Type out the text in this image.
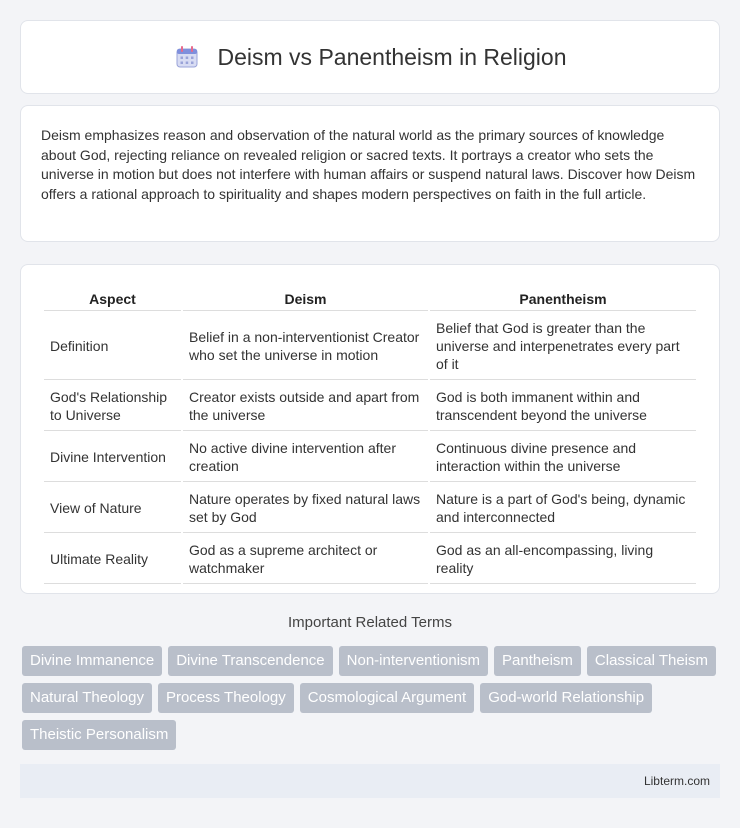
Deism vs Panentheism in Religion

Deism emphasizes reason and observation of the natural world as the primary sources of knowledge about God, rejecting reliance on revealed religion or sacred texts. It portrays a creator who sets the universe in motion but does not interfere with human affairs or suspend natural laws. Discover how Deism offers a rational approach to spirituality and shapes modern perspectives on faith in the full article.

Aspect	Deism	Panentheism
Definition	Belief in a non-interventionist Creator who set the universe in motion	Belief that God is greater than the universe and interpenetrates every part of it
God's Relationship to Universe	Creator exists outside and apart from the universe	God is both immanent within and transcendent beyond the universe
Divine Intervention	No active divine intervention after creation	Continuous divine presence and interaction within the universe
View of Nature	Nature operates by fixed natural laws set by God	Nature is a part of God's being, dynamic and interconnected
Ultimate Reality	God as a supreme architect or watchmaker	God as an all-encompassing, living reality
Important Related Terms
Divine Immanence	Divine Transcendence	Non-interventionism	Pantheism	Classical Theism
Natural Theology	Process Theology	Cosmological Argument	God-world Relationship
Theistic Personalism
Libterm.com
